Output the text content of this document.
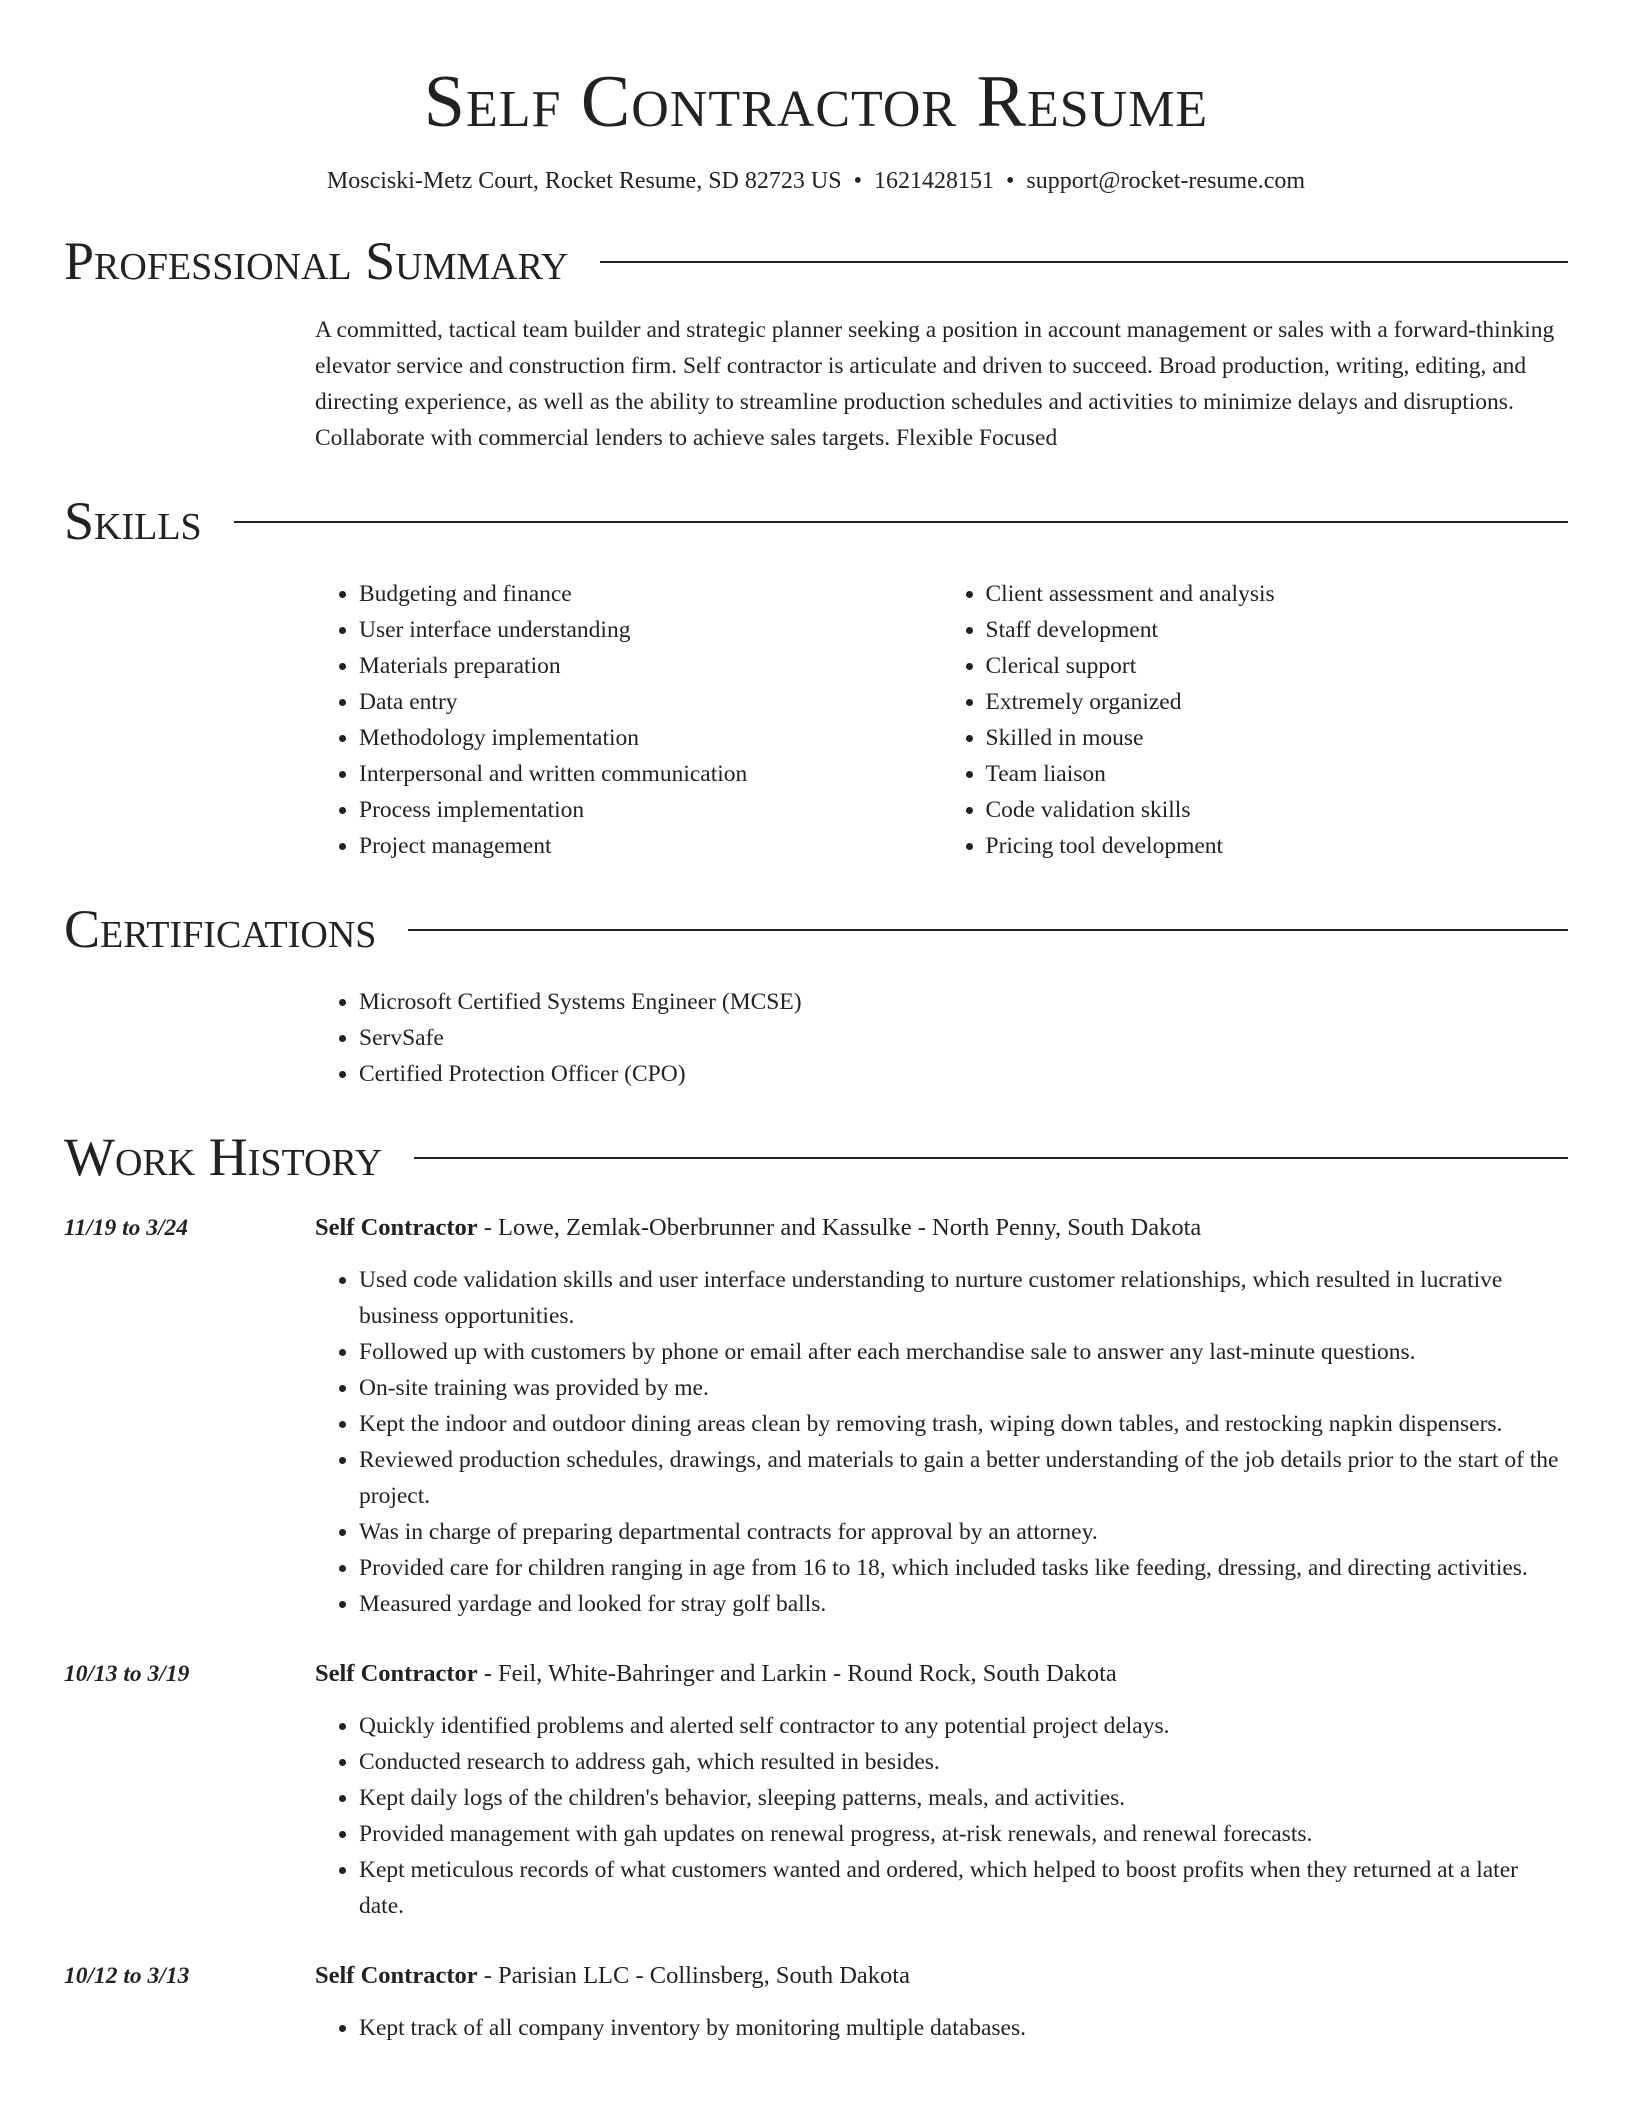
Self Contractor Resume
Mosciski-Metz Court, Rocket Resume, SD 82723 US • 1621428151 • support@rocket-resume.com
Professional Summary
A committed, tactical team builder and strategic planner seeking a position in account management or sales with a forward-thinking elevator service and construction firm. Self contractor is articulate and driven to succeed. Broad production, writing, editing, and directing experience, as well as the ability to streamline production schedules and activities to minimize delays and disruptions. Collaborate with commercial lenders to achieve sales targets. Flexible Focused
Skills
• Budgeting and finance
• User interface understanding
• Materials preparation
• Data entry
• Methodology implementation
• Interpersonal and written communication
• Process implementation
• Project management
• Client assessment and analysis
• Staff development
• Clerical support
• Extremely organized
• Skilled in mouse
• Team liaison
• Code validation skills
• Pricing tool development
Certifications
• Microsoft Certified Systems Engineer (MCSE)
• ServSafe
• Certified Protection Officer (CPO)
Work History
11/19 to 3/24	Self Contractor - Lowe, Zemlak-Oberbrunner and Kassulke - North Penny, South Dakota
• Used code validation skills and user interface understanding to nurture customer relationships, which resulted in lucrative business opportunities.
• Followed up with customers by phone or email after each merchandise sale to answer any last-minute questions.
• On-site training was provided by me.
• Kept the indoor and outdoor dining areas clean by removing trash, wiping down tables, and restocking napkin dispensers.
• Reviewed production schedules, drawings, and materials to gain a better understanding of the job details prior to the start of the project.
• Was in charge of preparing departmental contracts for approval by an attorney.
• Provided care for children ranging in age from 16 to 18, which included tasks like feeding, dressing, and directing activities.
• Measured yardage and looked for stray golf balls.
10/13 to 3/19	Self Contractor - Feil, White-Bahringer and Larkin - Round Rock, South Dakota
• Quickly identified problems and alerted self contractor to any potential project delays.
• Conducted research to address gah, which resulted in besides.
• Kept daily logs of the children's behavior, sleeping patterns, meals, and activities.
• Provided management with gah updates on renewal progress, at-risk renewals, and renewal forecasts.
• Kept meticulous records of what customers wanted and ordered, which helped to boost profits when they returned at a later date.
10/12 to 3/13	Self Contractor - Parisian LLC - Collinsberg, South Dakota
• Kept track of all company inventory by monitoring multiple databases.
